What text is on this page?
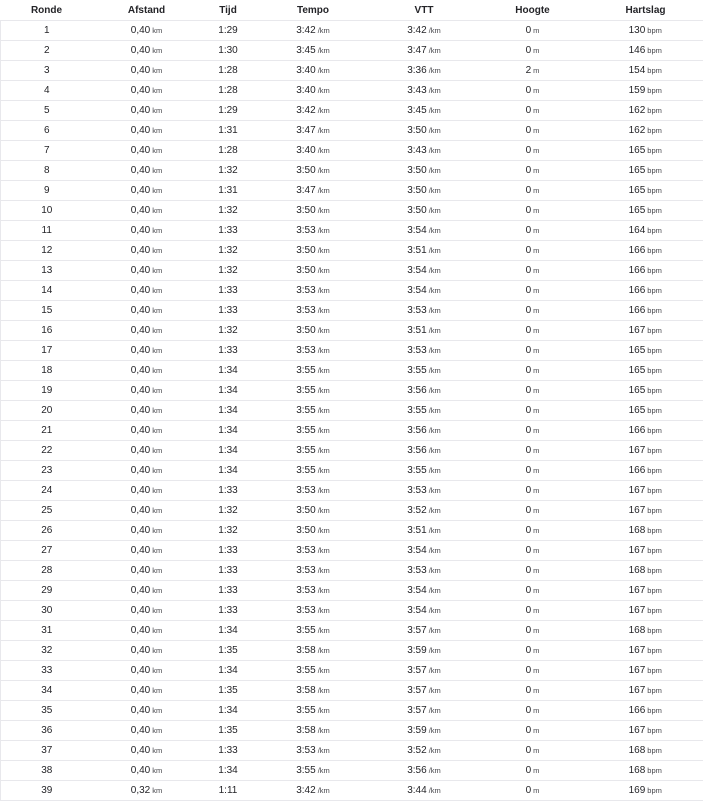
Ronde	Afstand	Tijd	Tempo	VTT	Hoogte	Hartslag
1	0,40 km	1:29	3:42 /km	3:42 /km	0 m	130 bpm
2	0,40 km	1:30	3:45 /km	3:47 /km	0 m	146 bpm
3	0,40 km	1:28	3:40 /km	3:36 /km	2 m	154 bpm
4	0,40 km	1:28	3:40 /km	3:43 /km	0 m	159 bpm
5	0,40 km	1:29	3:42 /km	3:45 /km	0 m	162 bpm
6	0,40 km	1:31	3:47 /km	3:50 /km	0 m	162 bpm
7	0,40 km	1:28	3:40 /km	3:43 /km	0 m	165 bpm
8	0,40 km	1:32	3:50 /km	3:50 /km	0 m	165 bpm
9	0,40 km	1:31	3:47 /km	3:50 /km	0 m	165 bpm
10	0,40 km	1:32	3:50 /km	3:50 /km	0 m	165 bpm
11	0,40 km	1:33	3:53 /km	3:54 /km	0 m	164 bpm
12	0,40 km	1:32	3:50 /km	3:51 /km	0 m	166 bpm
13	0,40 km	1:32	3:50 /km	3:54 /km	0 m	166 bpm
14	0,40 km	1:33	3:53 /km	3:54 /km	0 m	166 bpm
15	0,40 km	1:33	3:53 /km	3:53 /km	0 m	166 bpm
16	0,40 km	1:32	3:50 /km	3:51 /km	0 m	167 bpm
17	0,40 km	1:33	3:53 /km	3:53 /km	0 m	165 bpm
18	0,40 km	1:34	3:55 /km	3:55 /km	0 m	165 bpm
19	0,40 km	1:34	3:55 /km	3:56 /km	0 m	165 bpm
20	0,40 km	1:34	3:55 /km	3:55 /km	0 m	165 bpm
21	0,40 km	1:34	3:55 /km	3:56 /km	0 m	166 bpm
22	0,40 km	1:34	3:55 /km	3:56 /km	0 m	167 bpm
23	0,40 km	1:34	3:55 /km	3:55 /km	0 m	166 bpm
24	0,40 km	1:33	3:53 /km	3:53 /km	0 m	167 bpm
25	0,40 km	1:32	3:50 /km	3:52 /km	0 m	167 bpm
26	0,40 km	1:32	3:50 /km	3:51 /km	0 m	168 bpm
27	0,40 km	1:33	3:53 /km	3:54 /km	0 m	167 bpm
28	0,40 km	1:33	3:53 /km	3:53 /km	0 m	168 bpm
29	0,40 km	1:33	3:53 /km	3:54 /km	0 m	167 bpm
30	0,40 km	1:33	3:53 /km	3:54 /km	0 m	167 bpm
31	0,40 km	1:34	3:55 /km	3:57 /km	0 m	168 bpm
32	0,40 km	1:35	3:58 /km	3:59 /km	0 m	167 bpm
33	0,40 km	1:34	3:55 /km	3:57 /km	0 m	167 bpm
34	0,40 km	1:35	3:58 /km	3:57 /km	0 m	167 bpm
35	0,40 km	1:34	3:55 /km	3:57 /km	0 m	166 bpm
36	0,40 km	1:35	3:58 /km	3:59 /km	0 m	167 bpm
37	0,40 km	1:33	3:53 /km	3:52 /km	0 m	168 bpm
38	0,40 km	1:34	3:55 /km	3:56 /km	0 m	168 bpm
39	0,32 km	1:11	3:42 /km	3:44 /km	0 m	169 bpm
